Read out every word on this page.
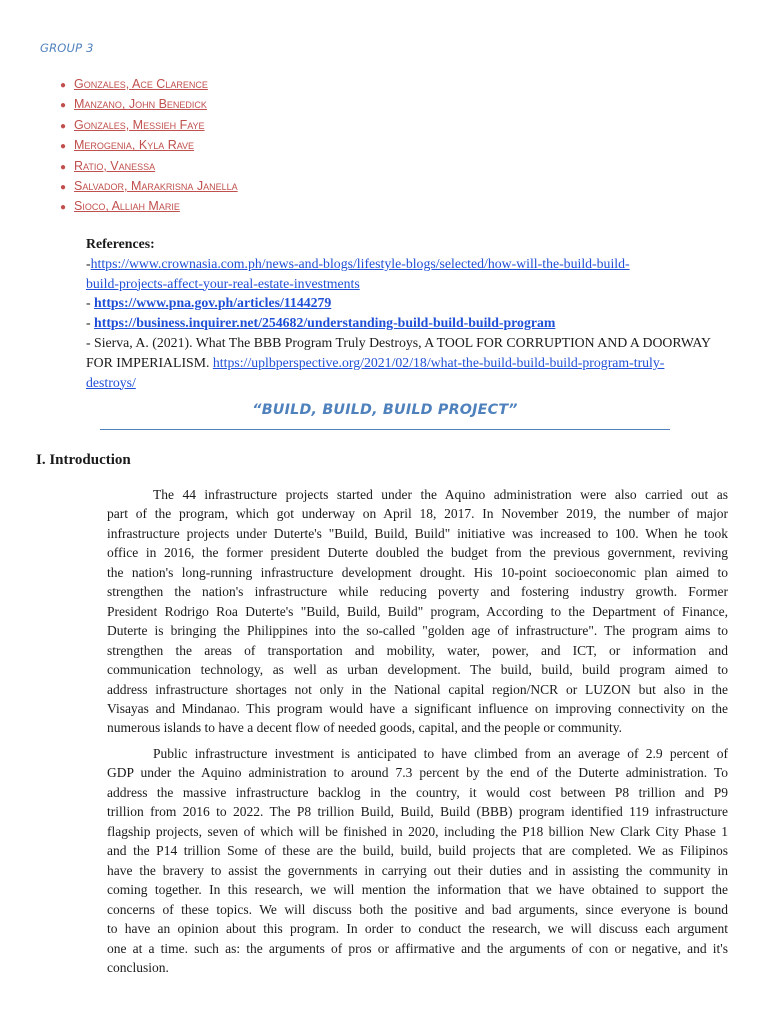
GROUP 3
● Gonzales, Ace Clarence
● Manzano, John Benedick
● Gonzales, Messieh Faye
● Merogenia, Kyla Rave
● Ratio, Vanessa
● Salvador, Marakrisna Janella
● Sioco, Alliah Marie
References:
-https://www.crownasia.com.ph/news-and-blogs/lifestyle-blogs/selected/how-will-the-build-build-
build-projects-affect-your-real-estate-investments
- https://www.pna.gov.ph/articles/1144279
- https://business.inquirer.net/254682/understanding-build-build-build-program
- Sierva, A. (2021). What The BBB Program Truly Destroys, A TOOL FOR CORRUPTION AND A DOORWAY
FOR IMPERIALISM. https://uplbperspective.org/2021/02/18/what-the-build-build-build-program-truly-
destroys/
“BUILD, BUILD, BUILD PROJECT”
I. Introduction
The 44 infrastructure projects started under the Aquino administration were also carried out as
part of the program, which got underway on April 18, 2017. In November 2019, the number of major
infrastructure projects under Duterte's "Build, Build, Build" initiative was increased to 100. When he took
office in 2016, the former president Duterte doubled the budget from the previous government, reviving
the nation's long-running infrastructure development drought. His 10-point socioeconomic plan aimed to
strengthen the nation's infrastructure while reducing poverty and fostering industry growth. Former
President Rodrigo Roa Duterte's "Build, Build, Build" program, According to the Department of Finance,
Duterte is bringing the Philippines into the so-called "golden age of infrastructure". The program aims to
strengthen the areas of transportation and mobility, water, power, and ICT, or information and
communication technology, as well as urban development. The build, build, build program aimed to
address infrastructure shortages not only in the National capital region/NCR or LUZON but also in the
Visayas and Mindanao. This program would have a significant influence on improving connectivity on the
numerous islands to have a decent flow of needed goods, capital, and the people or community.
Public infrastructure investment is anticipated to have climbed from an average of 2.9 percent of
GDP under the Aquino administration to around 7.3 percent by the end of the Duterte administration. To
address the massive infrastructure backlog in the country, it would cost between P8 trillion and P9
trillion from 2016 to 2022. The P8 trillion Build, Build, Build (BBB) program identified 119 infrastructure
flagship projects, seven of which will be finished in 2020, including the P18 billion New Clark City Phase 1
and the P14 trillion Some of these are the build, build, build projects that are completed. We as Filipinos
have the bravery to assist the governments in carrying out their duties and in assisting the community in
coming together. In this research, we will mention the information that we have obtained to support the
concerns of these topics. We will discuss both the positive and bad arguments, since everyone is bound
to have an opinion about this program. In order to conduct the research, we will discuss each argument
one at a time. such as: the arguments of pros or affirmative and the arguments of con or negative, and it's
conclusion.
